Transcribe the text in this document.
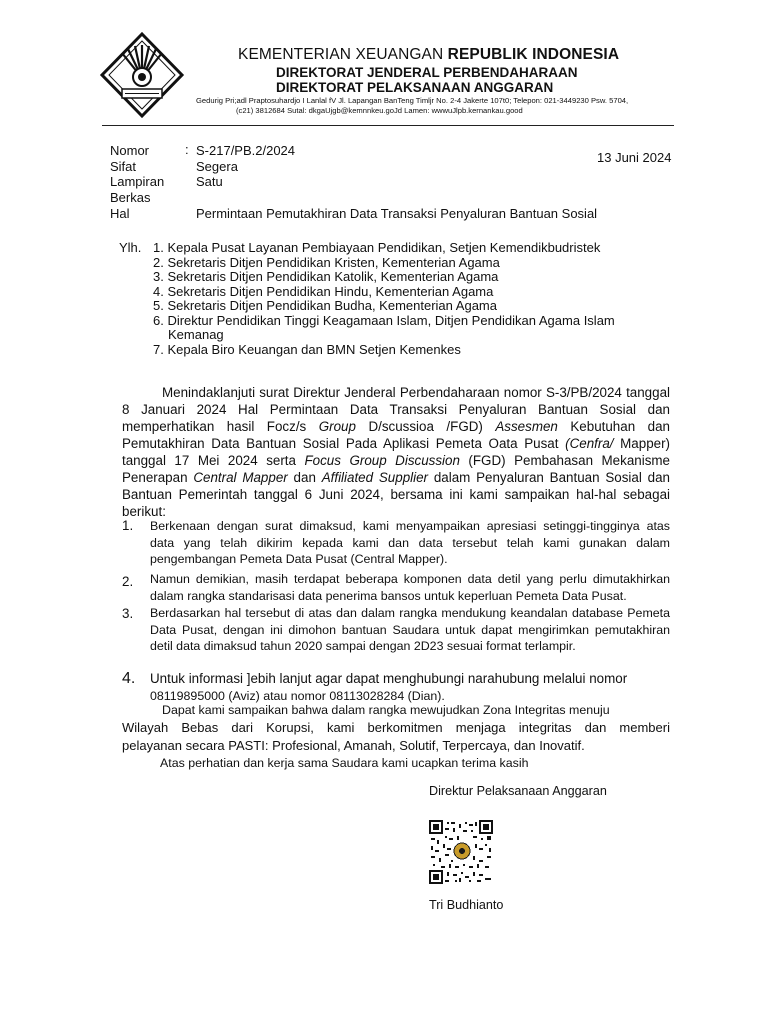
KEMENTERIAN XEUANGAN REPUBLIK INDONESIA
DIREKTORAT JENDERAL PERBENDAHARAAN
DIREKTORAT PELAKSANAAN ANGGARAN
Gedurig Pri;adl Praptosuhardjo I Lanlal fV Jl. Lapangan BanTeng Timljr No. 2-4 Jakerte 107t0; Telepon: 021-3449230 Psw. 5704,
(c21) 3812684 Sutal: dkgaUjgb@kemnnkeu.goJd Lamen: wwwuJlpb.kernankau.good
Nomor	: S-217/PB.2/2024	13 Juni 2024
Sifat	Segera
Lampiran Satu
Berkas
Hal	Permintaan Pemutakhiran Data Transaksi Penyaluran Bantuan Sosial
Ylh. 1. Kepala Pusat Layanan Pembiayaan Pendidikan, Setjen Kemendikbudristek
2. Sekretaris Ditjen Pendidikan Kristen, Kementerian Agama
3. Sekretaris Ditjen Pendidikan Katolik, Kementerian Agama
4. Sekretaris Ditjen Pendidikan Hindu, Kementerian Agama
5. Sekretaris Ditjen Pendidikan Budha, Kementerian Agama
6. Direktur Pendidikan Tinggi Keagamaan Islam, Ditjen Pendidikan Agama Islam
Kemanag
7. Kepala Biro Keuangan dan BMN Setjen Kemenkes
Menindaklanjuti surat Direktur Jenderal Perbendaharaan nomor S-3/PB/2024 tanggal 8 Januari 2024 Hal Permintaan Data Transaksi Penyaluran Bantuan Sosial dan memperhatikan hasil Focz/s Group D/scussioa /FGD) Assesmen Kebutuhan dan Pemutakhiran Data Bantuan Sosial Pada Aplikasi Pemeta Oata Pusat (Cenfra/ Mapper) tanggal 17 Mei 2024 serta Focus Group Discussion (FGD) Pembahasan Mekanisme Penerapan Central Mapper dan Affiliated Supplier dalam Penyaluran Bantuan Sosial dan Bantuan Pemerintah tanggal 6 Juni 2024, bersama ini kami sampaikan hal-hal sebagai berikut:
1. Berkenaan dengan surat dimaksud, kami menyampaikan apresiasi setinggi-tingginya atas data yang telah dikirim kepada kami dan data tersebut telah kami gunakan dalam pengembangan Pemeta Data Pusat (Central Mapper).
2. Namun demikian, masih terdapat beberapa komponen data detil yang perlu dimutakhirkan dalam rangka standarisasi data penerima bansos untuk keperluan Pemeta Data Pusat.
3. Berdasarkan hal tersebut di atas dan dalam rangka mendukung keandalan database Pemeta Data Pusat, dengan ini dimohon bantuan Saudara untuk dapat mengirimkan pemutakhiran detil data dimaksud tahun 2020 sampai dengan 2D23 sesuai format terlampir.
4. Untuk informasi ]ebih lanjut agar dapat menghubungi narahubung melalui nomor
08119895000 (Aviz) atau nomor 08113028284 (Dian).
Dapat kami sampaikan bahwa dalam rangka mewujudkan Zona Integritas menuju
Wilayah Bebas dari Korupsi, kami berkomitmen menjaga integritas dan memberi
pelayanan secara PASTI: Profesional, Amanah, Solutif, Terpercaya, dan Inovatif.
Atas perhatian dan kerja sama Saudara kami ucapkan terima kasih
Direktur Pelaksanaan Anggaran
Tri Budhianto
